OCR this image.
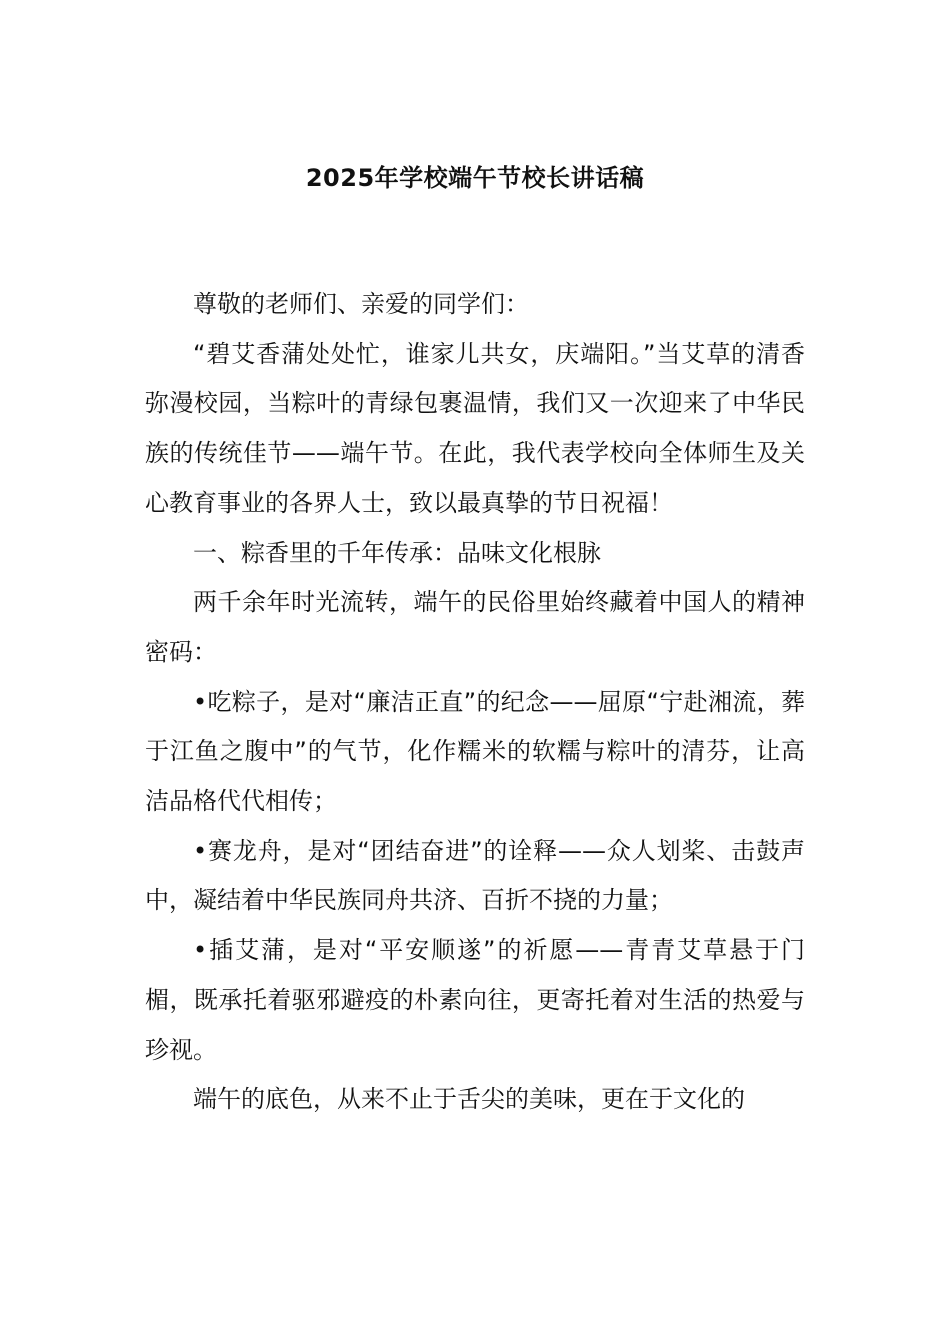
2025年学校端午节校长讲话稿

尊敬的老师们、亲爱的同学们：

“碧艾香蒲处处忙，谁家儿共女，庆端阳。”当艾草的清香弥漫校园，当粽叶的青绿包裹温情，我们又一次迎来了中华民族的传统佳节——端午节。在此，我代表学校向全体师生及关心教育事业的各界人士，致以最真挚的节日祝福！

一、粽香里的千年传承：品味文化根脉

两千余年时光流转，端午的民俗里始终藏着中国人的精神密码：

•吃粽子，是对“廉洁正直”的纪念——屈原“宁赴湘流，葬于江鱼之腹中”的气节，化作糯米的软糯与粽叶的清芬，让高洁品格代代相传；

•赛龙舟，是对“团结奋进”的诠释——众人划桨、击鼓声中，凝结着中华民族同舟共济、百折不挠的力量；

•插艾蒲，是对“平安顺遂”的祈愿——青青艾草悬于门楣，既承托着驱邪避疫的朴素向往，更寄托着对生活的热爱与珍视。

端午的底色，从来不止于舌尖的美味，更在于文化的
